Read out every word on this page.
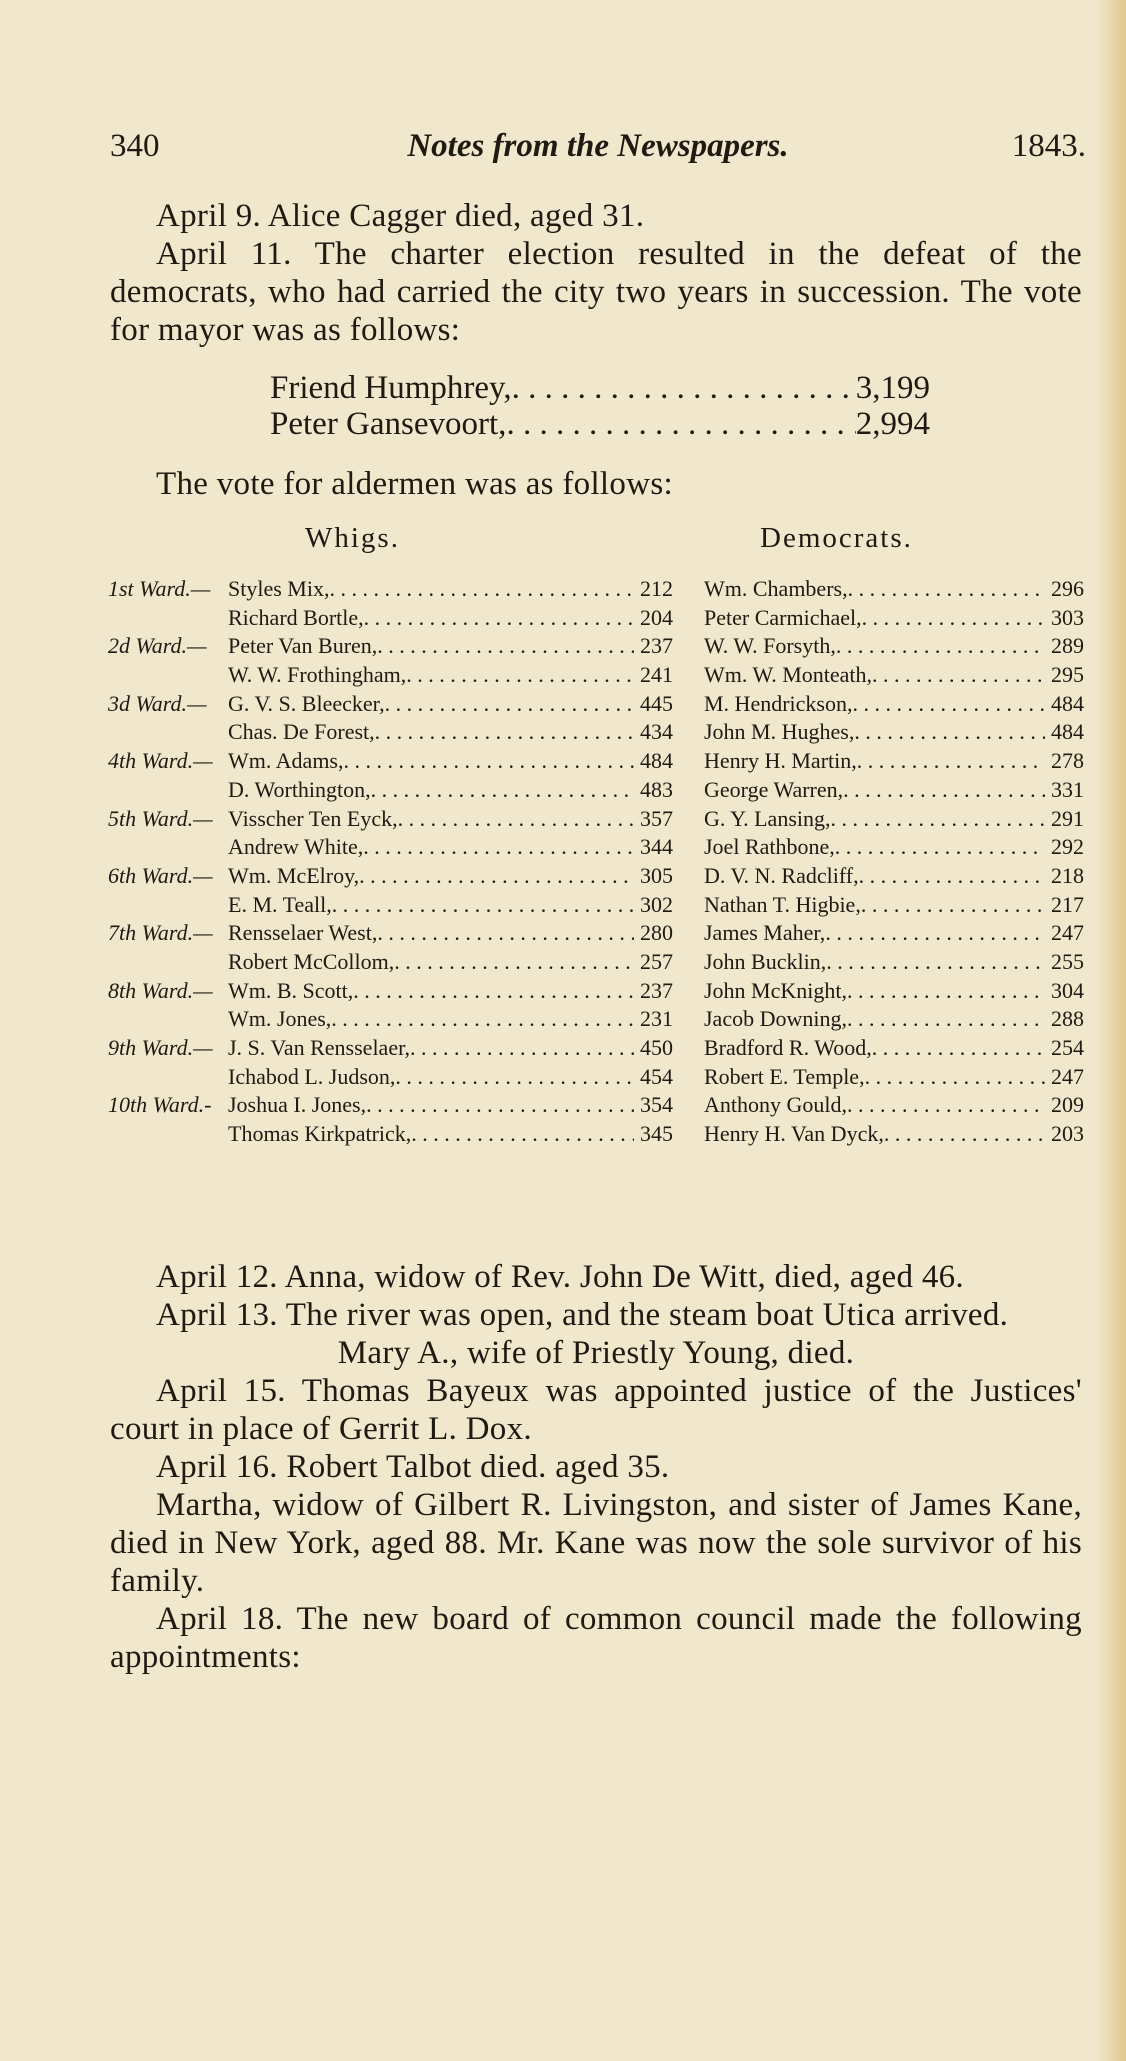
340	Notes from the Newspapers.	1843.

April 9. Alice Cagger died, aged 31.

April 11. The charter election resulted in the defeat of the democrats, who had carried the city two years in succession. The vote for mayor was as follows:

Friend Humphrey, . . .	3,199
Peter Gansevoort, . . .	2,994

The vote for aldermen was as follows:

Whigs.	Democrats.
1st Ward.— Styles Mix, . . .	212 Wm. Chambers, . . .	296
Richard Bortle, . . .	204 Peter Carmichael, . . .	303
2d Ward.— Peter Van Buren, . . .	237 W. W. Forsyth, . . .	289
W. W. Frothingham, . . .	241 Wm. W. Monteath, . . .	295
3d Ward.— G. V. S. Bleecker, . . .	445 M. Hendrickson, . . .	484
Chas. De Forest, . . .	434 John M. Hughes, . . .	484
4th Ward.— Wm. Adams, . . .	484 Henry H. Martin, . . .	278
D. Worthington, . . .	483 George Warren, . . .	331
5th Ward.— Visscher Ten Eyck, . . .	357 G. Y. Lansing, . . .	291
Andrew White, . . .	344 Joel Rathbone, . . .	292
6th Ward.— Wm. McElroy, . . .	305 D. V. N. Radcliff, . . .	218
E. M. Teall, . . .	302 Nathan T. Higbie, . . .	217
7th Ward.— Rensselaer West, . . .	280 James Maher, . . .	247
Robert McCollom, . . .	257 John Bucklin, . . .	255
8th Ward.— Wm. B. Scott, . . .	237 John McKnight, . . .	304
Wm. Jones, . . .	231 Jacob Downing, . . .	288
9th Ward.— J. S. Van Rensselaer, . . .	450 Bradford R. Wood, . . .	254
Ichabod L. Judson, . . .	454 Robert E. Temple, . . .	247
10th Ward.- Joshua I. Jones, . . .	354 Anthony Gould, . . .	209
Thomas Kirkpatrick, . . .	345 Henry H. Van Dyck, . . .	203

April 12. Anna, widow of Rev. John De Witt, died, aged 46.

April 13. The river was open, and the steam boat Utica arrived.

Mary A., wife of Priestly Young, died.

April 15. Thomas Bayeux was appointed justice of the Justices' court in place of Gerrit L. Dox.

April 16. Robert Talbot died. aged 35.

Martha, widow of Gilbert R. Livingston, and sister of James Kane, died in New York, aged 88. Mr. Kane was now the sole survivor of his family.

April 18. The new board of common council made the following appointments:
